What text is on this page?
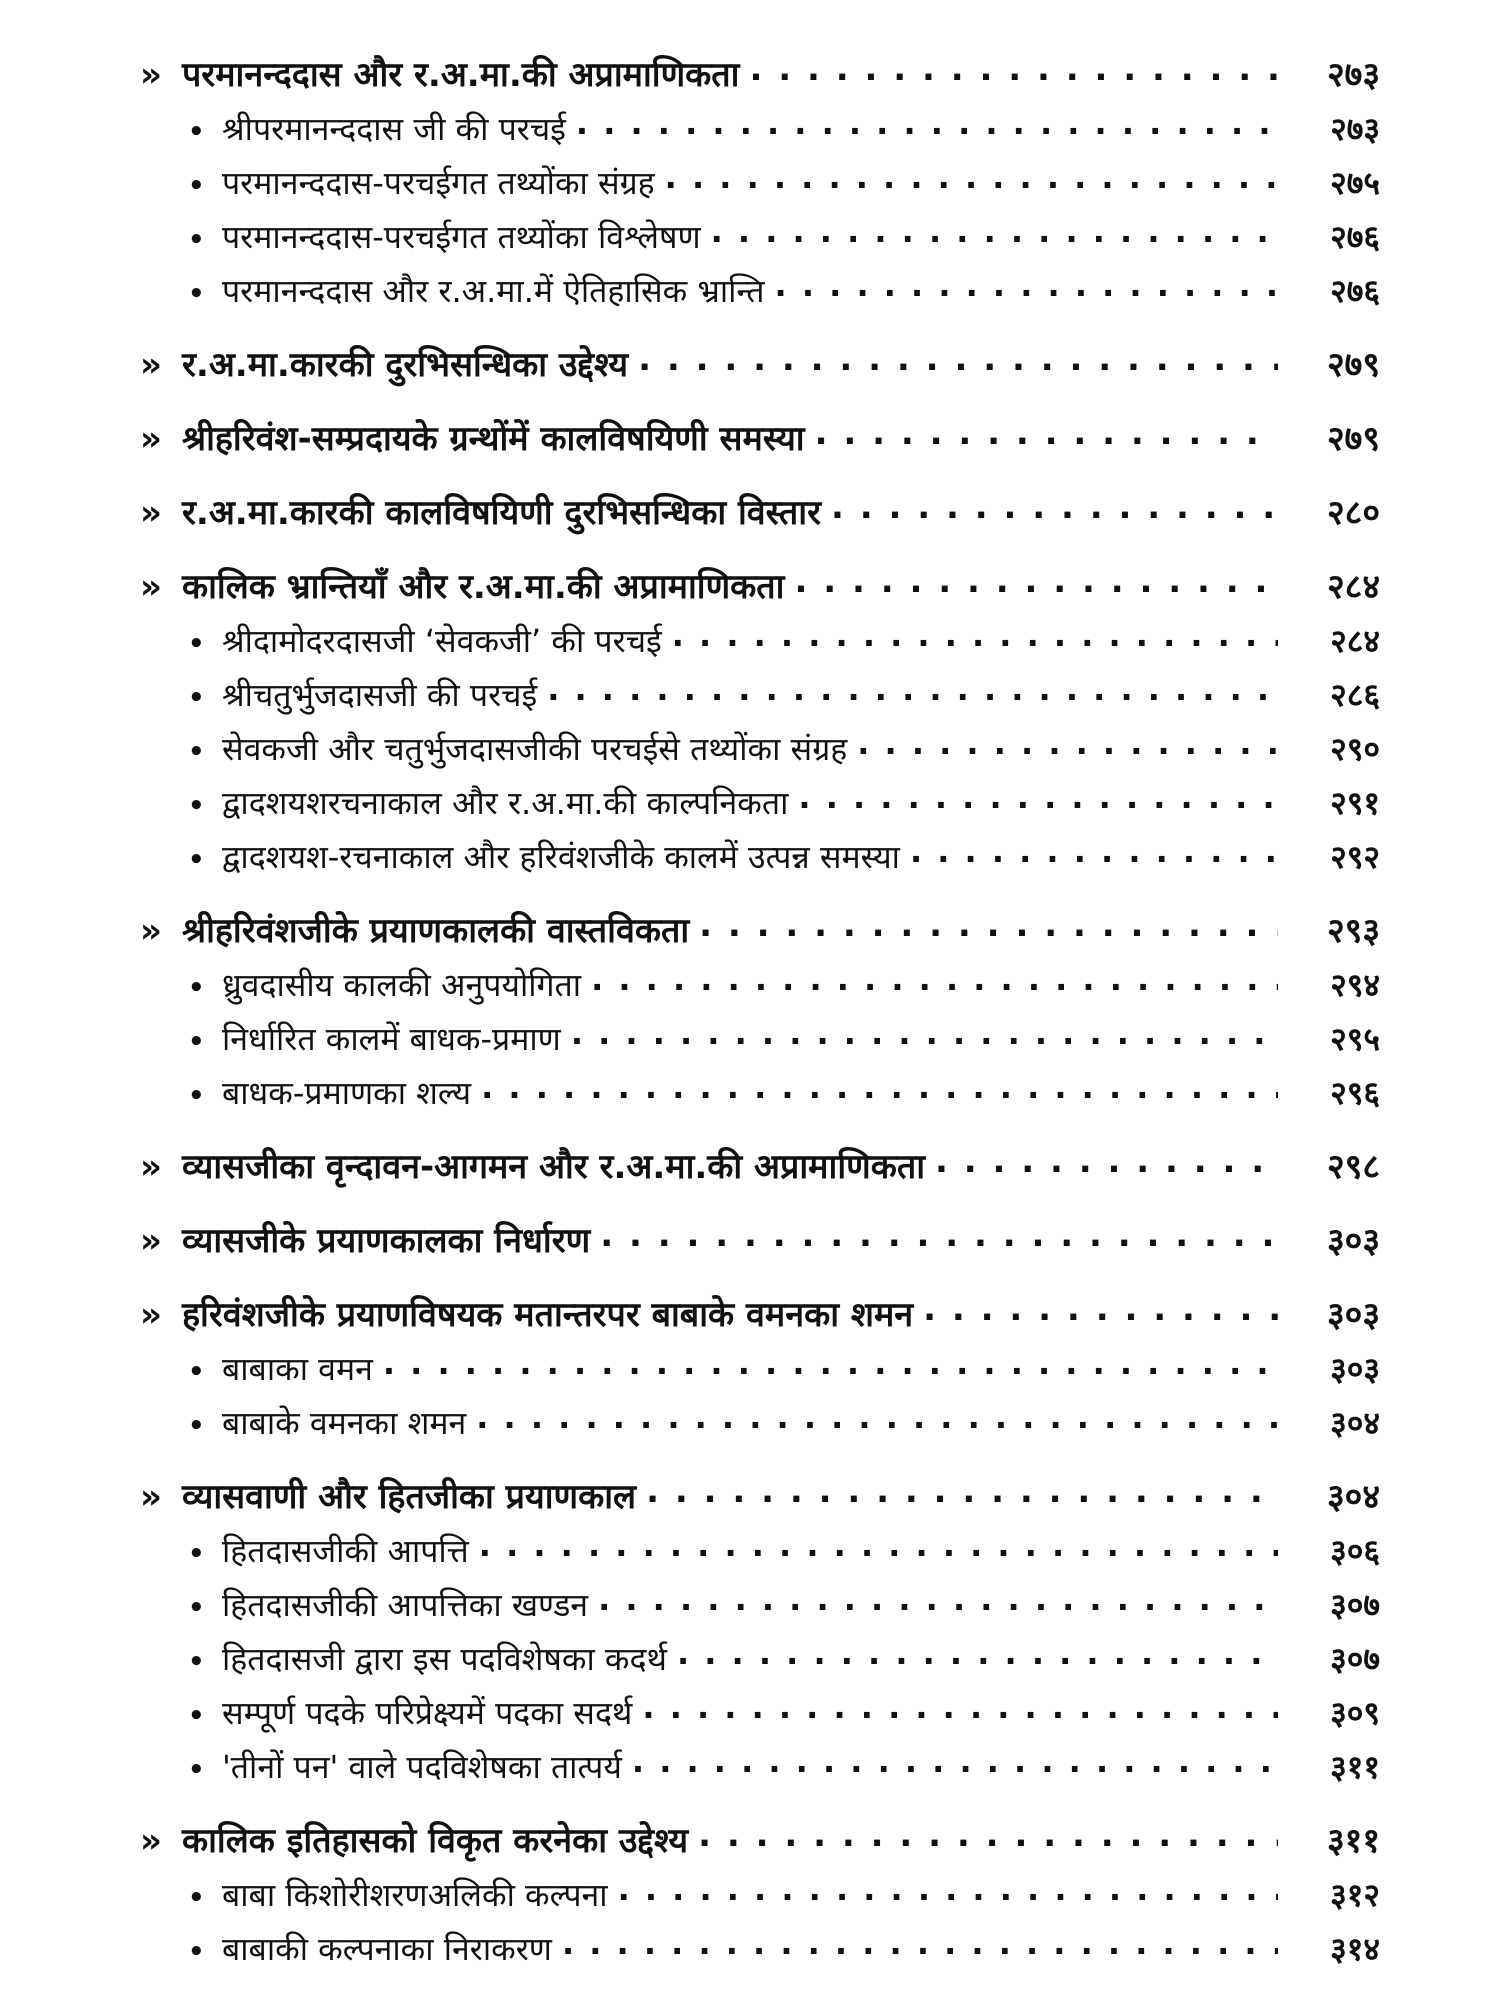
» परमानन्ददास और र.अ.मा.की अप्रामाणिकता . . .	२७३
• श्रीपरमानन्ददास जी की परचई . . .	२७३
• परमानन्ददास-परचईगत तथ्योंका संग्रह . . .	२७५
• परमानन्ददास-परचईगत तथ्योंका विश्लेषण . . .	२७६
• परमानन्ददास और र.अ.मा.में ऐतिहासिक भ्रान्ति . . .	२७६
» र.अ.मा.कारकी दुरभिसन्धिका उद्देश्य . . .	२७९
» श्रीहरिवंश-सम्प्रदायके ग्रन्थोंमें कालविषयिणी समस्या . . .	२७९
» र.अ.मा.कारकी कालविषयिणी दुरभिसन्धिका विस्तार . . .	२८०
» कालिक भ्रान्तियाँ और र.अ.मा.की अप्रामाणिकता . . .	२८४
• श्रीदामोदरदासजी ‘सेवकजी’ की परचई . . .	२८४
• श्रीचतुर्भुजदासजी की परचई . . .	२८६
• सेवकजी और चतुर्भुजदासजीकी परचईसे तथ्योंका संग्रह . . .	२९०
• द्वादशयशरचनाकाल और र.अ.मा.की काल्पनिकता . . .	२९१
• द्वादशयश-रचनाकाल और हरिवंशजीके कालमें उत्पन्न समस्या . . .	२९२
» श्रीहरिवंशजीके प्रयाणकालकी वास्तविकता . . .	२९३
• ध्रुवदासीय कालकी अनुपयोगिता . . .	२९४
• निर्धारित कालमें बाधक-प्रमाण . . .	२९५
• बाधक-प्रमाणका शल्य . . .	२९६
» व्यासजीका वृन्दावन-आगमन और र.अ.मा.की अप्रामाणिकता . . .	२९८
» व्यासजीके प्रयाणकालका निर्धारण . . .	३०३
» हरिवंशजीके प्रयाणविषयक मतान्तरपर बाबाके वमनका शमन . . .	३०३
• बाबाका वमन . . .	३०३
• बाबाके वमनका शमन . . .	३०४
» व्यासवाणी और हितजीका प्रयाणकाल . . .	३०४
• हितदासजीकी आपत्ति . . .	३०६
• हितदासजीकी आपत्तिका खण्डन . . .	३०७
• हितदासजी द्वारा इस पदविशेषका कदर्थ . . .	३०७
• सम्पूर्ण पदके परिप्रेक्ष्यमें पदका सदर्थ . . .	३०९
• 'तीनों पन' वाले पदविशेषका तात्पर्य . . .	३११
» कालिक इतिहासको विकृत करनेका उद्देश्य . . .	३११
• बाबा किशोरीशरणअलिकी कल्पना . . .	३१२
• बाबाकी कल्पनाका निराकरण . . .	३१४
